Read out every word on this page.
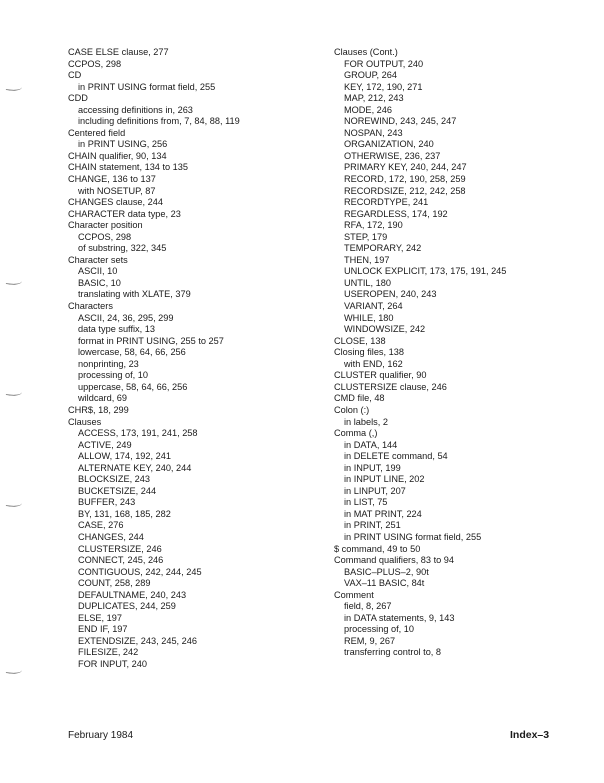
CASE ELSE clause, 277
CCPOS, 298
CD
in PRINT USING format field, 255
CDD
accessing definitions in, 263
including definitions from, 7, 84, 88, 119
Centered field
in PRINT USING, 256
CHAIN qualifier, 90, 134
CHAIN statement, 134 to 135
CHANGE, 136 to 137
with NOSETUP, 87
CHANGES clause, 244
CHARACTER data type, 23
Character position
CCPOS, 298
of substring, 322, 345
Character sets
ASCII, 10
BASIC, 10
translating with XLATE, 379
Characters
ASCII, 24, 36, 295, 299
data type suffix, 13
format in PRINT USING, 255 to 257
lowercase, 58, 64, 66, 256
nonprinting, 23
processing of, 10
uppercase, 58, 64, 66, 256
wildcard, 69
CHR$, 18, 299
Clauses
ACCESS, 173, 191, 241, 258
ACTIVE, 249
ALLOW, 174, 192, 241
ALTERNATE KEY, 240, 244
BLOCKSIZE, 243
BUCKETSIZE, 244
BUFFER, 243
BY, 131, 168, 185, 282
CASE, 276
CHANGES, 244
CLUSTERSIZE, 246
CONNECT, 245, 246
CONTIGUOUS, 242, 244, 245
COUNT, 258, 289
DEFAULTNAME, 240, 243
DUPLICATES, 244, 259
ELSE, 197
END IF, 197
EXTENDSIZE, 243, 245, 246
FILESIZE, 242
FOR INPUT, 240
Clauses (Cont.)
FOR OUTPUT, 240
GROUP, 264
KEY, 172, 190, 271
MAP, 212, 243
MODE, 246
NOREWIND, 243, 245, 247
NOSPAN, 243
ORGANIZATION, 240
OTHERWISE, 236, 237
PRIMARY KEY, 240, 244, 247
RECORD, 172, 190, 258, 259
RECORDSIZE, 212, 242, 258
RECORDTYPE, 241
REGARDLESS, 174, 192
RFA, 172, 190
STEP, 179
TEMPORARY, 242
THEN, 197
UNLOCK EXPLICIT, 173, 175, 191, 245
UNTIL, 180
USEROPEN, 240, 243
VARIANT, 264
WHILE, 180
WINDOWSIZE, 242
CLOSE, 138
Closing files, 138
with END, 162
CLUSTER qualifier, 90
CLUSTERSIZE clause, 246
CMD file, 48
Colon (:)
in labels, 2
Comma (,)
in DATA, 144
in DELETE command, 54
in INPUT, 199
in INPUT LINE, 202
in LINPUT, 207
in LIST, 75
in MAT PRINT, 224
in PRINT, 251
in PRINT USING format field, 255
$ command, 49 to 50
Command qualifiers, 83 to 94
BASIC–PLUS–2, 90t
VAX–11 BASIC, 84t
Comment
field, 8, 267
in DATA statements, 9, 143
processing of, 10
REM, 9, 267
transferring control to, 8
February 1984	Index–3
